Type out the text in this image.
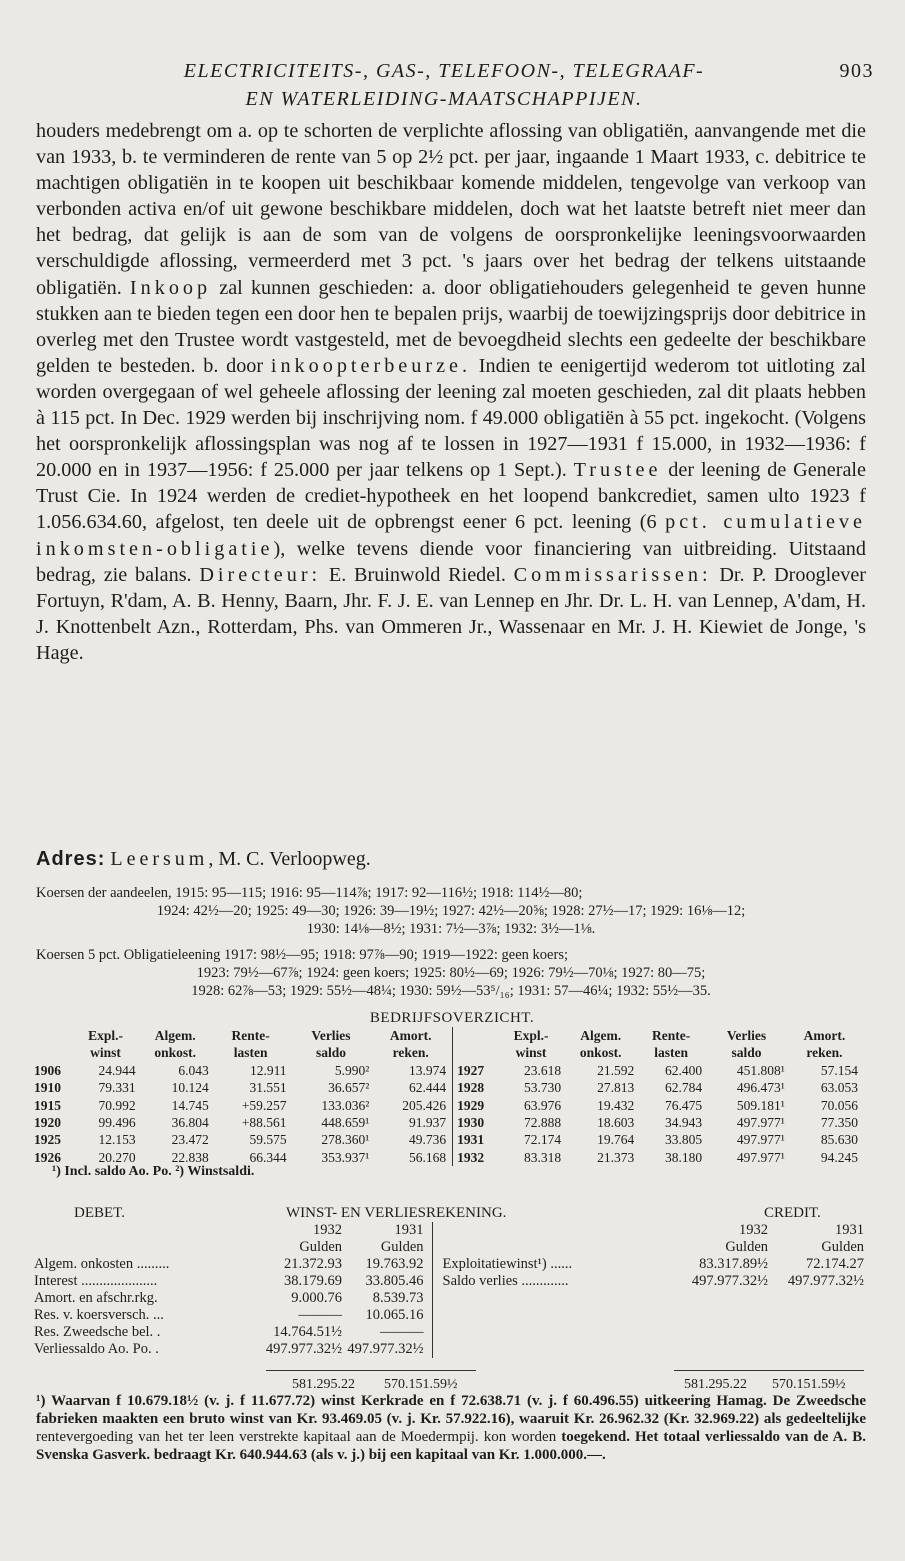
ELECTRICITEITS-, GAS-, TELEFOON-, TELEGRAAF-
EN WATERLEIDING-MAATSCHAPPIJEN.
903

houders medebrengt om a. op te schorten de verplichte aflossing van obligatiën, aanvangende met die van 1933, b. te verminderen de rente van 5 op 2½ pct. per jaar, ingaande 1 Maart 1933, c. debitrice te machtigen obligatiën in te koopen uit beschikbaar komende middelen, tengevolge van verkoop van verbonden activa en/of uit gewone beschikbare middelen, doch wat het laatste betreft niet meer dan het bedrag, dat gelijk is aan de som van de volgens de oorspronkelijke leeningsvoorwaarden verschuldigde aflossing, vermeerderd met 3 pct. 's jaars over het bedrag der telkens uitstaande obligatiën. Inkoop zal kunnen geschieden: a. door obligatiehouders gelegenheid te geven hunne stukken aan te bieden tegen een door hen te bepalen prijs, waarbij de toewijzingsprijs door debitrice in overleg met den Trustee wordt vastgesteld, met de bevoegdheid slechts een gedeelte der beschikbare gelden te besteden. b. door inkoopterbeurze. Indien te eenigertijd wederom tot uitloting zal worden overgegaan of wel geheele aflossing der leening zal moeten geschieden, zal dit plaats hebben à 115 pct. In Dec. 1929 werden bij inschrijving nom. f 49.000 obligatiën à 55 pct. ingekocht. (Volgens het oorspronkelijk aflossingsplan was nog af te lossen in 1927—1931 f 15.000, in 1932—1936: f 20.000 en in 1937—1956: f 25.000 per jaar telkens op 1 Sept.). Trustee der leening de Generale Trust Cie. In 1924 werden de crediet-hypotheek en het loopend bankcrediet, samen ulto 1923 f 1.056.634.60, afgelost, ten deele uit de opbrengst eener 6 pct. leening (6 pct. cumulatieve inkomsten-obligatie), welke tevens diende voor financiering van uitbreiding. Uitstaand bedrag, zie balans. Directeur: E. Bruinwold Riedel. Commissarissen: Dr. P. Drooglever Fortuyn, R'dam, A. B. Henny, Baarn, Jhr. F. J. E. van Lennep en Jhr. Dr. L. H. van Lennep, A'dam, H. J. Knottenbelt Azn., Rotterdam, Phs. van Ommeren Jr., Wassenaar en Mr. J. H. Kiewiet de Jonge, 's Hage.

Adres: Leersum, M. C. Verloopweg.
Koersen der aandeelen, 1915: 95—115; 1916: 95—114⅞; 1917: 92—116½; 1918: 114½—80;
1924: 42½—20; 1925: 49—30; 1926: 39—19½; 1927: 42½—20⅝; 1928: 27½—17; 1929: 16⅛—12;
1930: 14⅛—8½; 1931: 7½—3⅞; 1932: 3½—1⅛.
Koersen 5 pct. Obligatieleening 1917: 98½—95; 1918: 97⅞—90; 1919—1922: geen koers;
1923: 79½—67⅞; 1924: geen koers; 1925: 80½—69; 1926: 79½—70⅛; 1927: 80—75;
1928: 62⅞—53; 1929: 55½—48¼; 1930: 59½—53⁵/₁₆; 1931: 57—46¼; 1932: 55½—35.
BEDRIJFSOVERZICHT.
	Expl.-	Algem.	Rente-	Verlies	Amort.		Expl.-	Algem.	Rente-	Verlies	Amort.
	winst	onkost.	lasten	saldo	reken.		winst	onkost.	lasten	saldo	reken.
1906	24.944	6.043	12.911	5.990²	13.974	1927	23.618	21.592	62.400	451.808¹	57.154
1910	79.331	10.124	31.551	36.657²	62.444	1928	53.730	27.813	62.784	496.473¹	63.053
1915	70.992	14.745	+59.257	133.036²	205.426	1929	63.976	19.432	76.475	509.181¹	70.056
1920	99.496	36.804	+88.561	448.659¹	91.937	1930	72.888	18.603	34.943	497.977¹	77.350
1925	12.153	23.472	59.575	278.360¹	49.736	1931	72.174	19.764	33.805	497.977¹	85.630
1926	20.270	22.838	66.344	353.937¹	56.168	1932	83.318	21.373	38.180	497.977¹	94.245
¹) Incl. saldo Ao. Po. ²) Winstsaldi.
DEBET.	WINST- EN VERLIESREKENING.	CREDIT.
	1932	1931		1932	1931
	Gulden	Gulden		Gulden	Gulden
Algem. onkosten .........	21.372.93	19.763.92	Exploitatiewinst¹) ......	83.317.89½	72.174.27
Interest .....................	38.179.69	33.805.46	Saldo verlies .............	497.977.32½	497.977.32½
Amort. en afschr.rkg.	9.000.76	8.539.73			
Res. v. koersversch. ...	———	10.065.16			
Res. Zweedsche bel. .	14.764.51½	———			
Verliessaldo Ao. Po. .	497.977.32½	497.977.32½			
581.295.22 570.151.59½	581.295.22 570.151.59½
¹) Waarvan f 10.679.18½ (v. j. f 11.677.72) winst Kerkrade en f 72.638.71 (v. j. f 60.496.55) uitkeering Hamag. De Zweedsche fabrieken maakten een bruto winst van Kr. 93.469.05 (v. j. Kr. 57.922.16), waaruit Kr. 26.962.32 (Kr. 32.969.22) als gedeeltelijke rentevergoeding van het ter leen verstrekte kapitaal aan de Moedermpij. kon worden toegekend. Het totaal verliessaldo van de A. B. Svenska Gasverk. bedraagt Kr. 640.944.63 (als v. j.) bij een kapitaal van Kr. 1.000.000.—.
